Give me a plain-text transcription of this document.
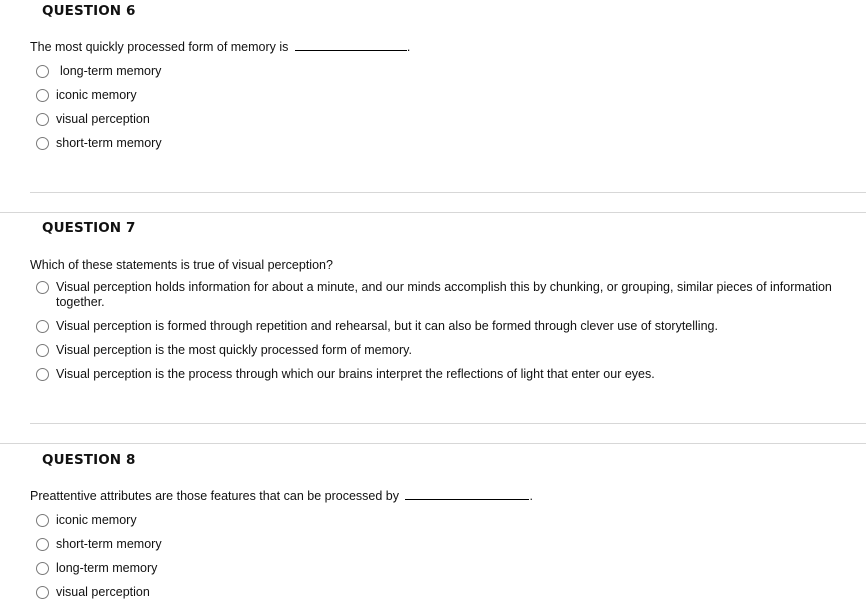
QUESTION 6
The most quickly processed form of memory is	.
long-term memory
iconic memory
visual perception
short-term memory
QUESTION 7
Which of these statements is true of visual perception?
Visual perception holds information for about a minute, and our minds accomplish this by chunking, or grouping, similar pieces of information together.
Visual perception is formed through repetition and rehearsal, but it can also be formed through clever use of storytelling.
Visual perception is the most quickly processed form of memory.
Visual perception is the process through which our brains interpret the reflections of light that enter our eyes.
QUESTION 8
Preattentive attributes are those features that can be processed by	.
iconic memory
short-term memory
long-term memory
visual perception
